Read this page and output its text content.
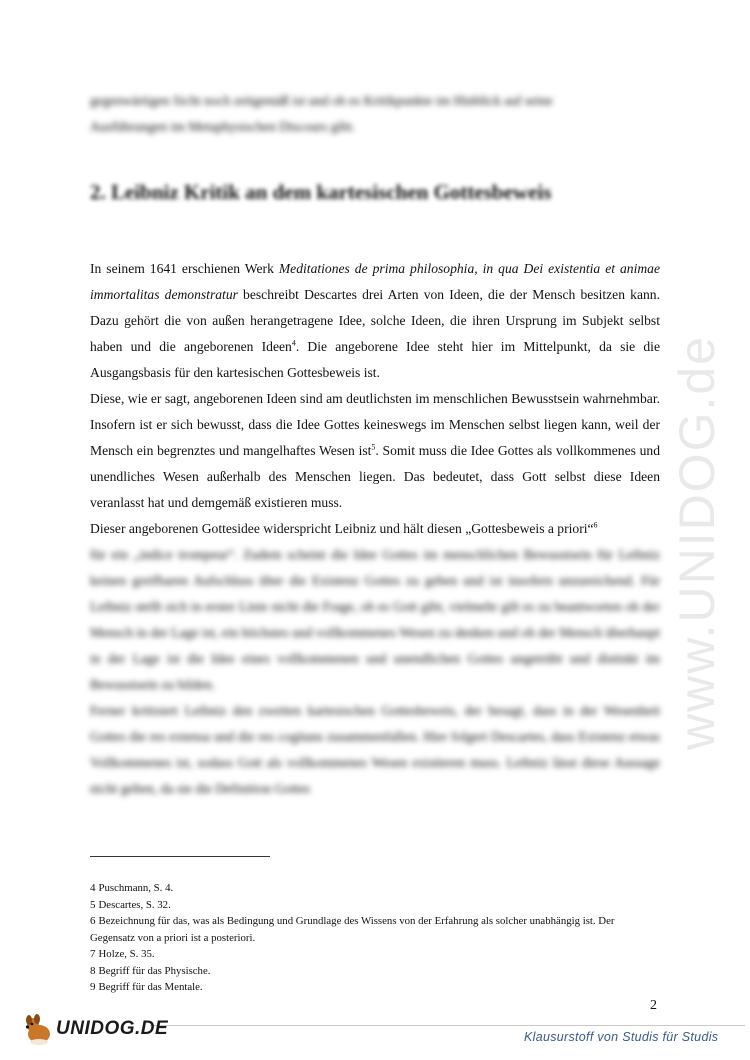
www.UNIDOG.de
gegenwärtigen Sicht noch zeitgemäß ist und ob es Kritikpunkte im Hinblick auf seine
Ausführungen im Metaphysischen Discours gibt.
2. Leibniz Kritik an dem kartesischen Gottesbeweis

In seinem 1641 erschienen Werk Meditationes de prima philosophia, in qua Dei existentia et animae immortalitas demonstratur beschreibt Descartes drei Arten von Ideen, die der Mensch besitzen kann. Dazu gehört die von außen herangetragene Idee, solche Ideen, die ihren Ursprung im Subjekt selbst haben und die angeborenen Ideen$^4$. Die angeborene Idee steht hier im Mittelpunkt, da sie die Ausgangsbasis für den kartesischen Gottesbeweis ist.

Diese, wie er sagt, angeborenen Ideen sind am deutlichsten im menschlichen Bewusstsein wahrnehmbar. Insofern ist er sich bewusst, dass die Idee Gottes keineswegs im Menschen selbst liegen kann, weil der Mensch ein begrenztes und mangelhaftes Wesen ist$^5$. Somit muss die Idee Gottes als vollkommenes und unendliches Wesen außerhalb des Menschen liegen. Das bedeutet, dass Gott selbst diese Ideen veranlasst hat und demgemäß existieren muss.

Dieser angeborenen Gottesidee widerspricht Leibniz und hält diesen „Gottesbeweis a priori“$^6$

für ein „indice trompeur“. Zudem scheint die Idee Gottes im menschlichen Bewusstsein für Leibniz keinen greifbaren Aufschluss über die Existenz Gottes zu geben und ist insofern unzureichend. Für Leibniz stellt sich in erster Linie nicht die Frage, ob es Gott gibt, vielmehr gilt es zu beantworten ob der Mensch in der Lage ist, ein höchstes und vollkommenes Wesen zu denken und ob der Mensch überhaupt in der Lage ist die Idee eines vollkommenen und unendlichen Gottes ungetrübt und distinkt im Bewusstsein zu bilden.

Ferner kritisiert Leibniz den zweiten kartesischen Gottesbeweis, der besagt, dass in der Wesenheit Gottes die res extensa und die res cogitans zusammenfallen. Hier folgert Descartes, dass Existenz etwas Vollkommenes ist, sodass Gott als vollkommenes Wesen existieren muss. Leibniz lässt diese Aussage nicht gelten, da sie die Definition Gottes

4 Puschmann, S. 4.

5 Descartes, S. 32.

6 Bezeichnung für das, was als Bedingung und Grundlage des Wissens von der Erfahrung als solcher unabhängig ist. Der Gegensatz von a priori ist a posteriori.

7 Holze, S. 35.

8 Begriff für das Physische.

9 Begriff für das Mentale.

2
UNIDOG.DE	Klausurstoff von Studis für Studis
